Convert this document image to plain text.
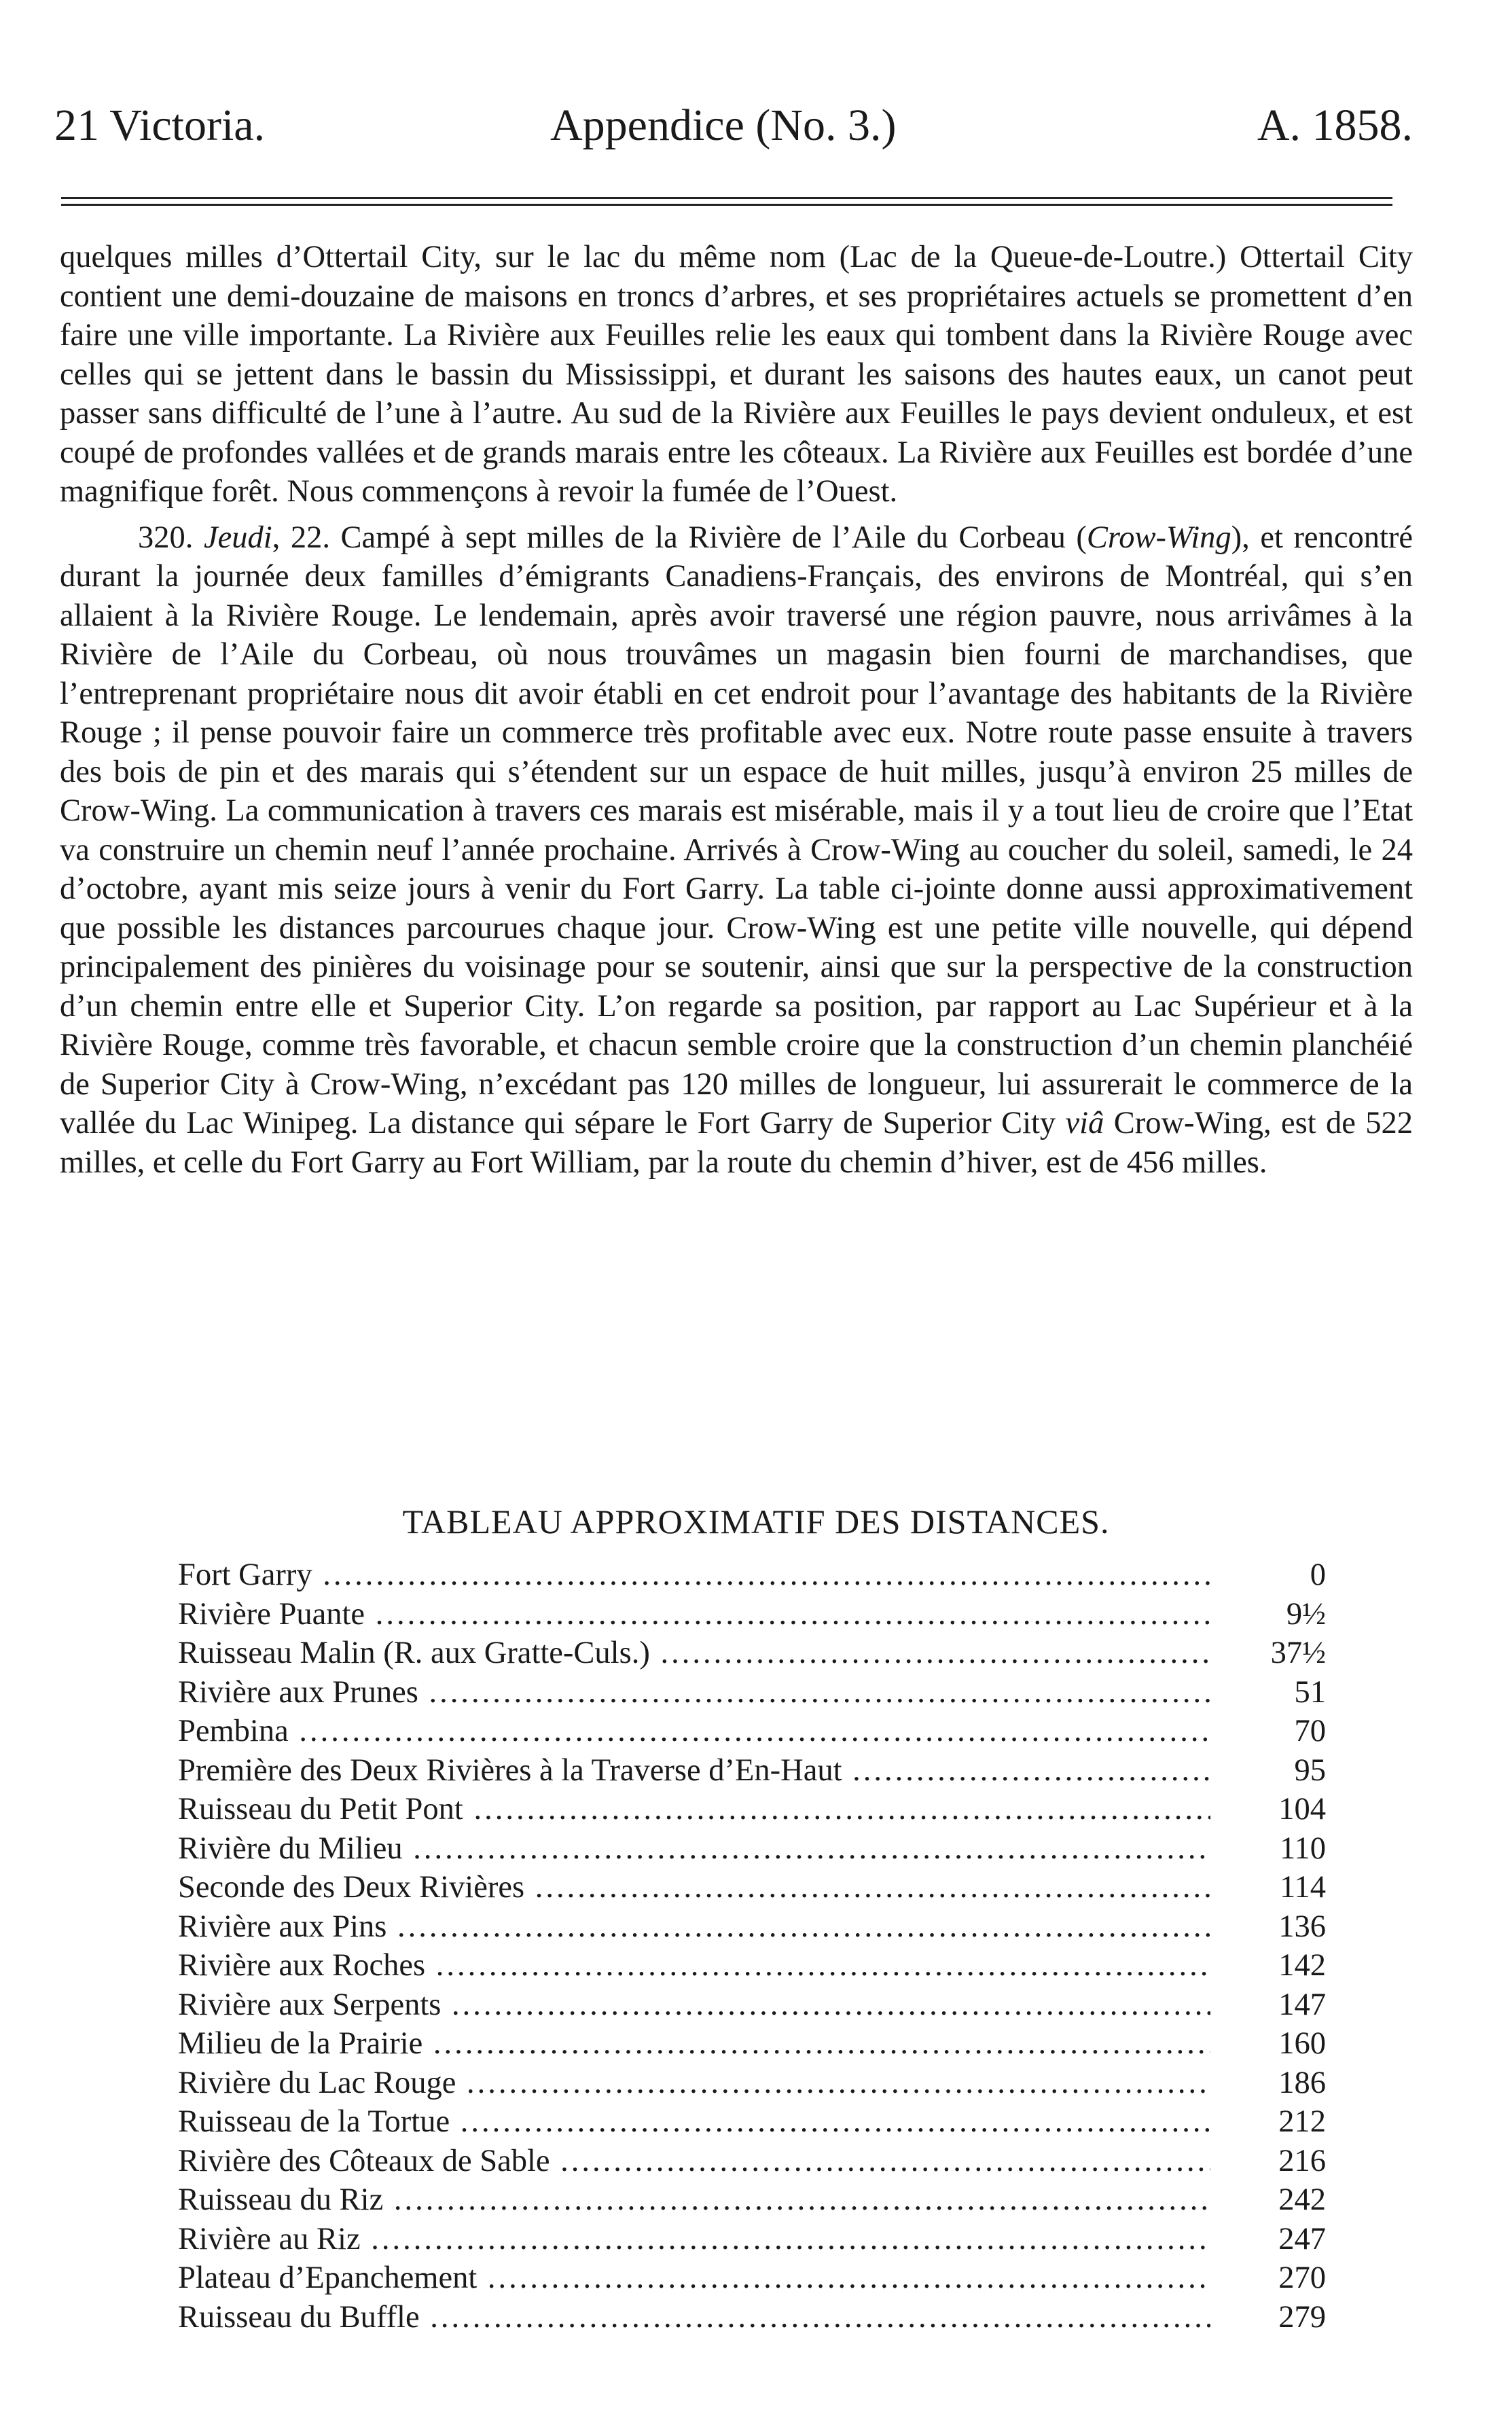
21 Victoria.	Appendice (No. 3.)	A. 1858.

quelques milles d’Ottertail City, sur le lac du même nom (Lac de la Queue-de-Loutre.) Ottertail City contient une demi-douzaine de maisons en troncs d’arbres, et ses propriétaires actuels se promettent d’en faire une ville importante. La Rivière aux Feuilles relie les eaux qui tombent dans la Rivière Rouge avec celles qui se jettent dans le bassin du Mississippi, et durant les saisons des hautes eaux, un canot peut passer sans difficulté de l’une à l’autre. Au sud de la Rivière aux Feuilles le pays devient onduleux, et est coupé de profondes vallées et de grands marais entre les côteaux. La Rivière aux Feuilles est bordée d’une magnifique forêt. Nous commençons à revoir la fumée de l’Ouest.

320. Jeudi, 22. Campé à sept milles de la Rivière de l’Aile du Corbeau (Crow-Wing), et rencontré durant la journée deux familles d’émigrants Canadiens-Français, des environs de Montréal, qui s’en allaient à la Rivière Rouge. Le lendemain, après avoir traversé une région pauvre, nous arrivâmes à la Rivière de l’Aile du Corbeau, où nous trouvâmes un magasin bien fourni de marchandises, que l’entreprenant propriétaire nous dit avoir établi en cet endroit pour l’avantage des habitants de la Rivière Rouge ; il pense pouvoir faire un commerce très profitable avec eux. Notre route passe ensuite à travers des bois de pin et des marais qui s’étendent sur un espace de huit milles, jusqu’à environ 25 milles de Crow-Wing. La communication à travers ces marais est misérable, mais il y a tout lieu de croire que l’Etat va construire un chemin neuf l’année prochaine. Arrivés à Crow-Wing au coucher du soleil, samedi, le 24 d’octobre, ayant mis seize jours à venir du Fort Garry. La table ci-jointe donne aussi approximativement que possible les distances parcourues chaque jour. Crow-Wing est une petite ville nouvelle, qui dépend principalement des pinières du voisinage pour se soutenir, ainsi que sur la perspective de la construction d’un chemin entre elle et Superior City. L’on regarde sa position, par rapport au Lac Supérieur et à la Rivière Rouge, comme très favorable, et chacun semble croire que la construction d’un chemin planchéié de Superior City à Crow-Wing, n’excédant pas 120 milles de longueur, lui assurerait le commerce de la vallée du Lac Winipeg. La distance qui sépare le Fort Garry de Superior City viâ Crow-Wing, est de 522 milles, et celle du Fort Garry au Fort William, par la route du chemin d’hiver, est de 456 milles.

TABLEAU APPROXIMATIF DES DISTANCES.
Fort Garry .....	0
Rivière Puante .....	9½
Ruisseau Malin (R. aux Gratte-Culs.) .....	37½
Rivière aux Prunes .....	51
Pembina .....	70
Première des Deux Rivières à la Traverse d’En-Haut .....	95
Ruisseau du Petit Pont .....	104
Rivière du Milieu .....	110
Seconde des Deux Rivières .....	114
Rivière aux Pins .....	136
Rivière aux Roches .....	142
Rivière aux Serpents .....	147
Milieu de la Prairie .....	160
Rivière du Lac Rouge .....	186
Ruisseau de la Tortue .....	212
Rivière des Côteaux de Sable .....	216
Ruisseau du Riz .....	242
Rivière au Riz .....	247
Plateau d’Epanchement .....	270
Ruisseau du Buffle .....	279
